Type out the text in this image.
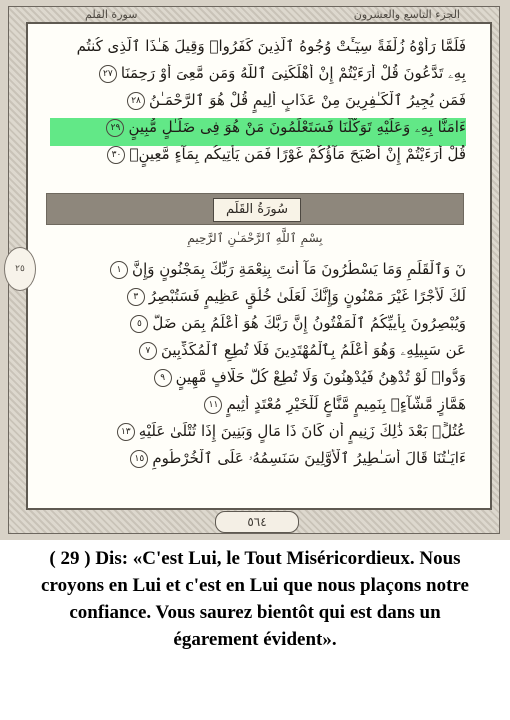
سورة القلم	الجزء التاسع والعشرون
٢٥
فَلَمَّا رَأَوْهُ زُلْفَةً سِيٓـَٔتْ وُجُوهُ ٱلَّذِينَ كَفَرُوا۟ وَقِيلَ هَـٰذَا ٱلَّذِى كُنتُم
بِهِۦ تَدَّعُونَ قُلْ أَرَءَيْتُمْ إِنْ أَهْلَكَنِىَ ٱللَّهُ وَمَن مَّعِىَ أَوْ رَحِمَنَا٢٧
فَمَن يُجِيرُ ٱلْكَـٰفِرِينَ مِنْ عَذَابٍ أَلِيمٍ قُلْ هُوَ ٱلرَّحْمَـٰنُ٢٨
ءَامَنَّا بِهِۦ وَعَلَيْهِ تَوَكَّلْنَا فَسَتَعْلَمُونَ مَنْ هُوَ فِى ضَلَـٰلٍ مُّبِينٍ٢٩
قُلْ أَرَءَيْتُمْ إِنْ أَصْبَحَ مَآؤُكُمْ غَوْرًا فَمَن يَأْتِيكُم بِمَآءٍ مَّعِينٍۭ٣٠
سُورَةُ القَلَم
بِسْمِ ٱللَّهِ ٱلرَّحْمَـٰنِ ٱلرَّحِيمِ
نٓ وَٱلْقَلَمِ وَمَا يَسْطُرُونَ مَآ أَنتَ بِنِعْمَةِ رَبِّكَ بِمَجْنُونٍ وَإِنَّ١
لَكَ لَأَجْرًا غَيْرَ مَمْنُونٍ وَإِنَّكَ لَعَلَىٰ خُلُقٍ عَظِيمٍ فَسَتُبْصِرُ٣
وَيُبْصِرُونَ بِأَييِّكُمُ ٱلْمَفْتُونُ إِنَّ رَبَّكَ هُوَ أَعْلَمُ بِمَن ضَلَّ٥
عَن سَبِيلِهِۦ وَهُوَ أَعْلَمُ بِٱلْمُهْتَدِينَ فَلَا تُطِعِ ٱلْمُكَذِّبِينَ٧
وَدُّوا۟ لَوْ تُدْهِنُ فَيُدْهِنُونَ وَلَا تُطِعْ كُلَّ حَلَّافٍ مَّهِينٍ٩
هَمَّازٍ مَّشَّآءٍۭ بِنَمِيمٍ مَّنَّاعٍ لِّلْخَيْرِ مُعْتَدٍ أَثِيمٍ١١
عُتُلٍّۭ بَعْدَ ذَٰلِكَ زَنِيمٍ أَن كَانَ ذَا مَالٍ وَبَنِينَ إِذَا تُتْلَىٰ عَلَيْهِ١٣
ءَايَـٰتُنَا قَالَ أَسَـٰطِيرُ ٱلْأَوَّلِينَ سَنَسِمُهُۥ عَلَى ٱلْخُرْطُومِ١٥
٥٦٤
( 29 ) Dis: «C'est Lui, le Tout Miséricordieux. Nous croyons en Lui et c'est en Lui que nous plaçons notre confiance. Vous saurez bientôt qui est dans un égarement évident».
